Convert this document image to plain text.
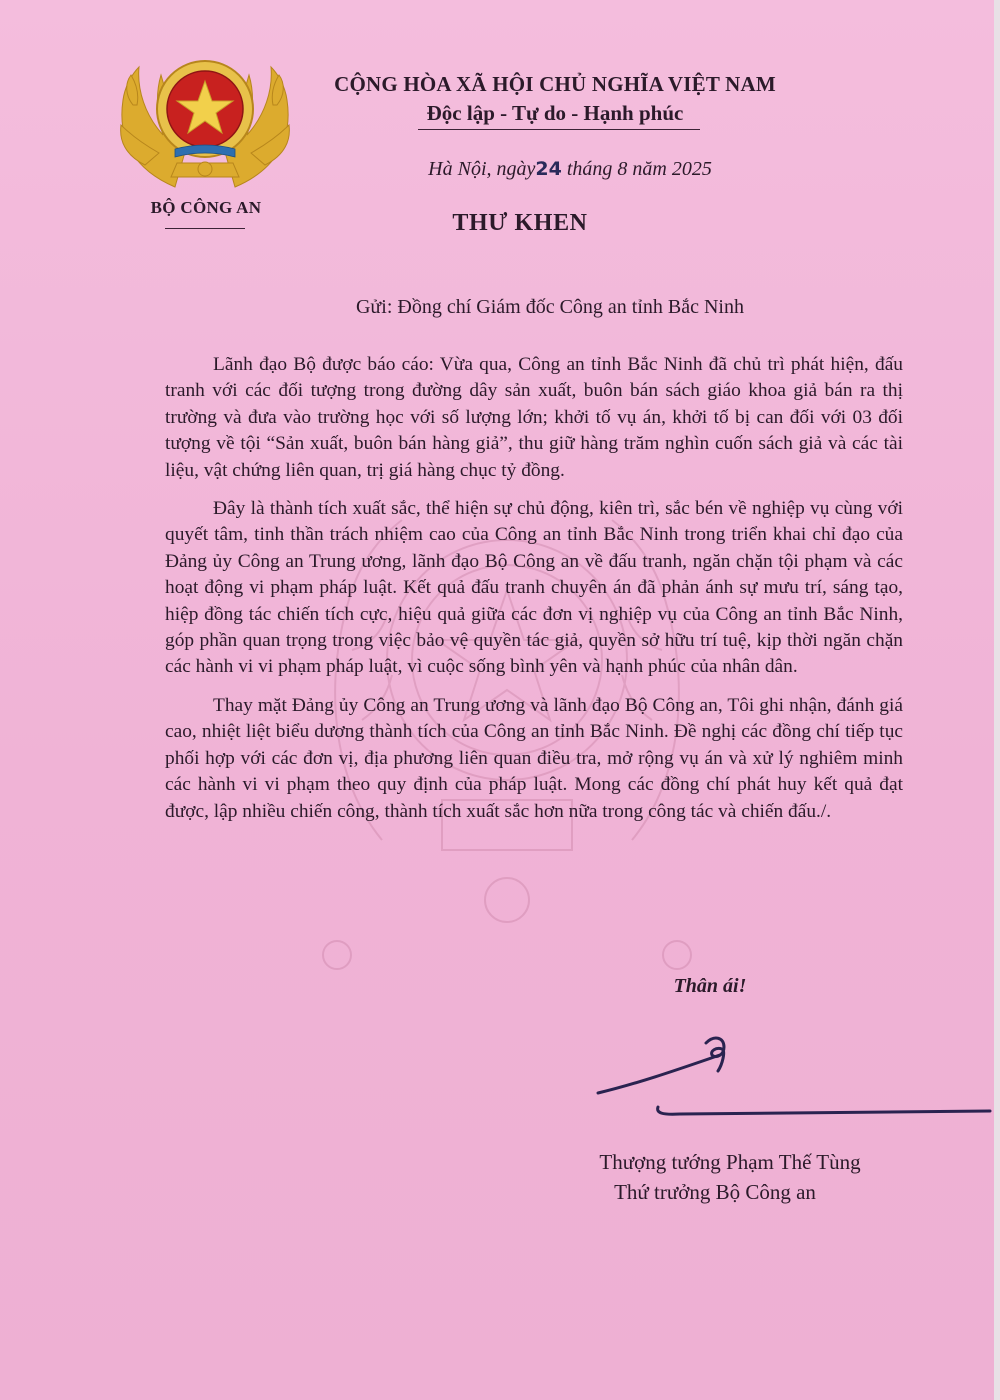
BỘ CÔNG AN
CỘNG HÒA XÃ HỘI CHỦ NGHĨA VIỆT NAM
Độc lập - Tự do - Hạnh phúc
Hà Nội, ngày24 tháng 8 năm 2025
THƯ KHEN
Gửi: Đồng chí Giám đốc Công an tỉnh Bắc Ninh

Lãnh đạo Bộ được báo cáo: Vừa qua, Công an tỉnh Bắc Ninh đã chủ trì phát hiện, đấu tranh với các đối tượng trong đường dây sản xuất, buôn bán sách giáo khoa giả bán ra thị trường và đưa vào trường học với số lượng lớn; khởi tố vụ án, khởi tố bị can đối với 03 đối tượng về tội “Sản xuất, buôn bán hàng giả”, thu giữ hàng trăm nghìn cuốn sách giả và các tài liệu, vật chứng liên quan, trị giá hàng chục tỷ đồng.

Đây là thành tích xuất sắc, thể hiện sự chủ động, kiên trì, sắc bén về nghiệp vụ cùng với quyết tâm, tinh thần trách nhiệm cao của Công an tỉnh Bắc Ninh trong triển khai chỉ đạo của Đảng ủy Công an Trung ương, lãnh đạo Bộ Công an về đấu tranh, ngăn chặn tội phạm và các hoạt động vi phạm pháp luật. Kết quả đấu tranh chuyên án đã phản ánh sự mưu trí, sáng tạo, hiệp đồng tác chiến tích cực, hiệu quả giữa các đơn vị nghiệp vụ của Công an tỉnh Bắc Ninh, góp phần quan trọng trong việc bảo vệ quyền tác giả, quyền sở hữu trí tuệ, kịp thời ngăn chặn các hành vi vi phạm pháp luật, vì cuộc sống bình yên và hạnh phúc của nhân dân.

Thay mặt Đảng ủy Công an Trung ương và lãnh đạo Bộ Công an, Tôi ghi nhận, đánh giá cao, nhiệt liệt biểu dương thành tích của Công an tỉnh Bắc Ninh. Đề nghị các đồng chí tiếp tục phối hợp với các đơn vị, địa phương liên quan điều tra, mở rộng vụ án và xử lý nghiêm minh các hành vi vi phạm theo quy định của pháp luật. Mong các đồng chí phát huy kết quả đạt được, lập nhiều chiến công, thành tích xuất sắc hơn nữa trong công tác và chiến đấu./.

Thân ái!
Thượng tướng Phạm Thế Tùng
Thứ trưởng Bộ Công an
